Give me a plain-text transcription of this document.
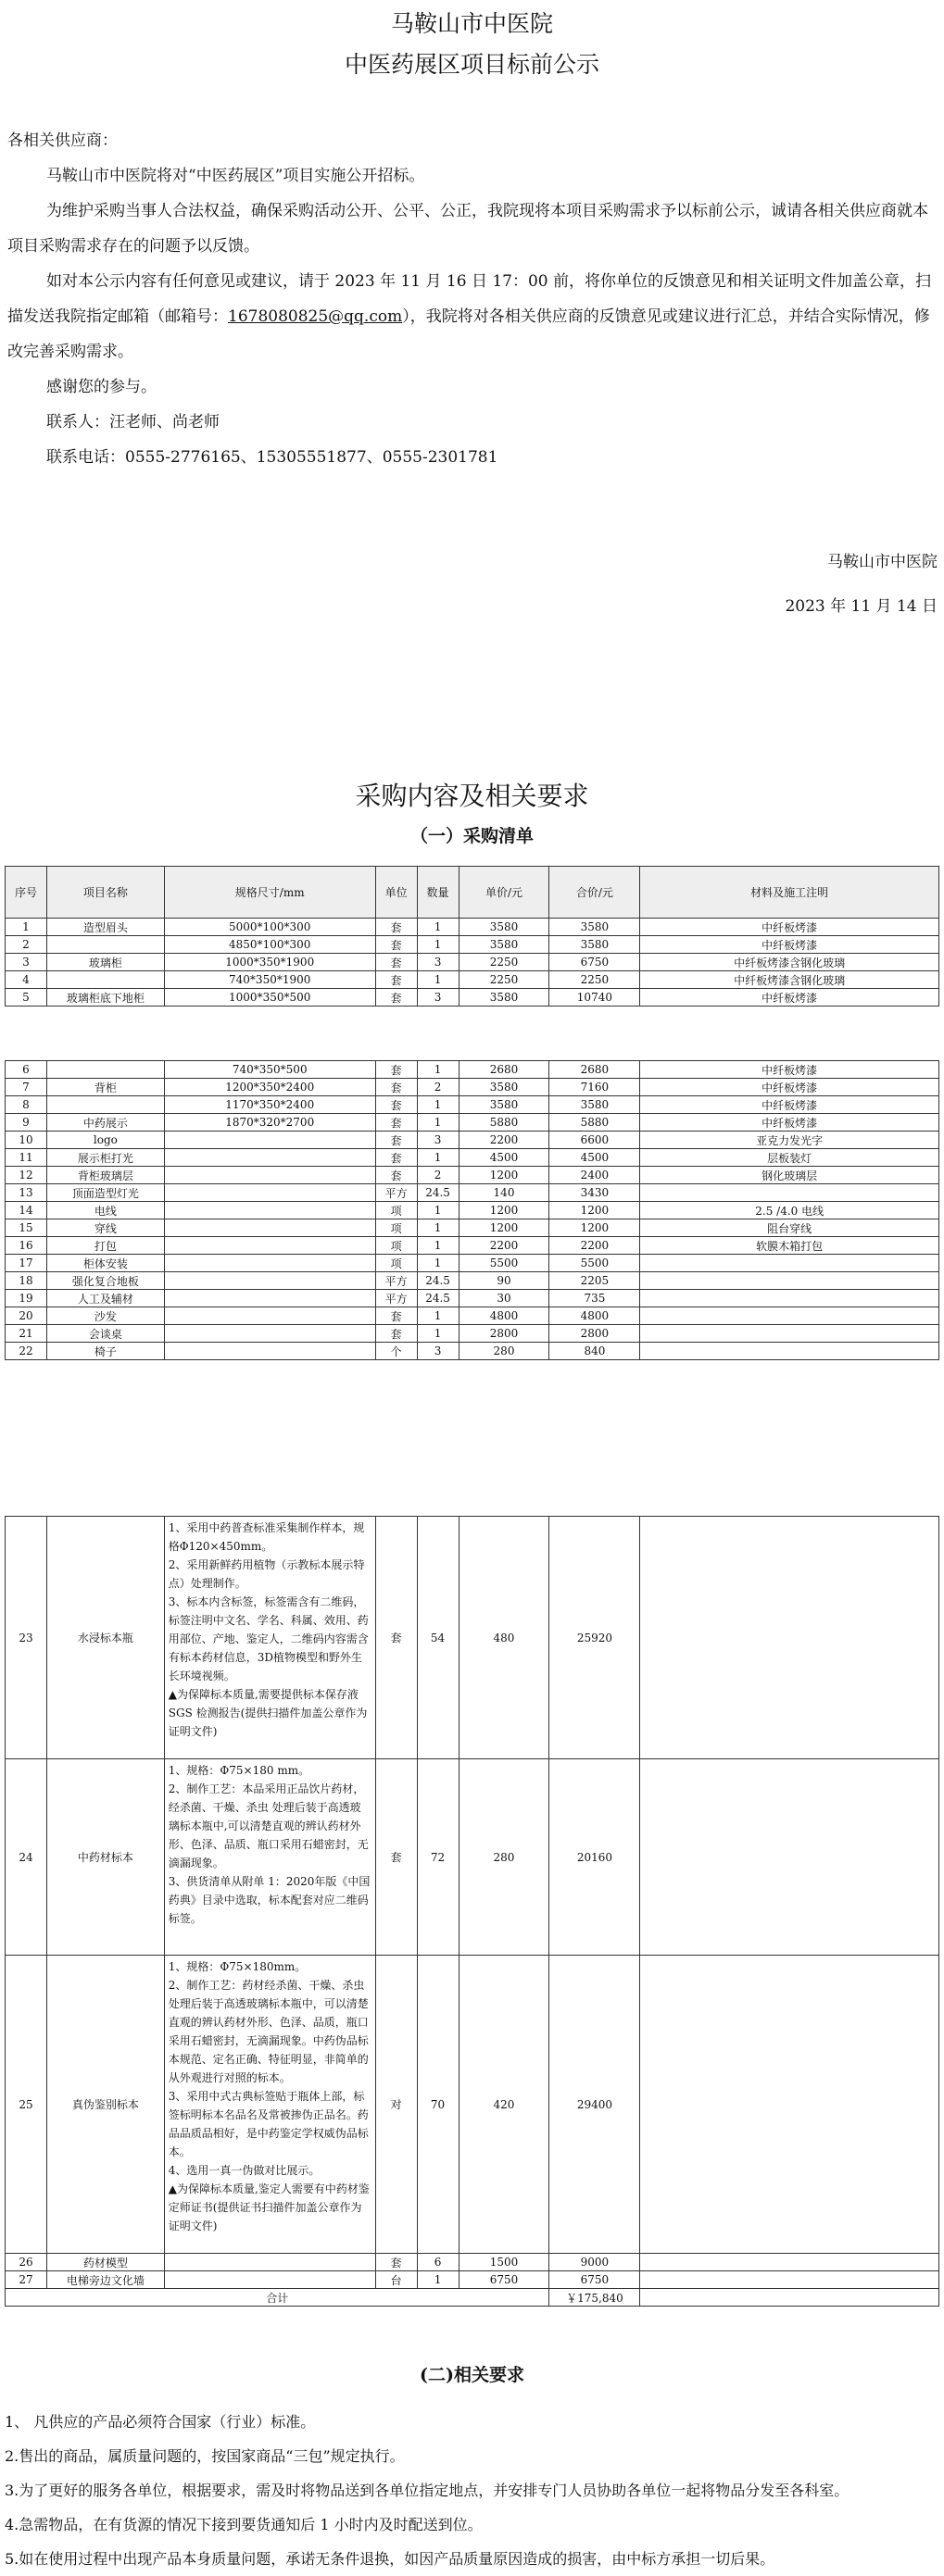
马鞍山市中医院
中医药展区项目标前公示

各相关供应商：

马鞍山市中医院将对“中医药展区”项目实施公开招标。

为维护采购当事人合法权益，确保采购活动公开、公平、公正，我院现将本项目采购需求予以标前公示，诚请各相关供应商就本项目采购需求存在的问题予以反馈。

如对本公示内容有任何意见或建议，请于 2023 年 11 月 16 日 17：00 前，将你单位的反馈意见和相关证明文件加盖公章，扫描发送我院指定邮箱（邮箱号：1678080825@qq.com），我院将对各相关供应商的反馈意见或建议进行汇总，并结合实际情况，修改完善采购需求。

感谢您的参与。

联系人：汪老师、尚老师

联系电话：0555-2776165、15305551877、0555-2301781

马鞍山市中医院
2023 年 11 月 14 日
采购内容及相关要求
（一）采购清单
序号	项目名称	规格尺寸/mm	单位	数量	单价/元	合价/元	材料及施工注明
1	造型眉头	5000*100*300	套	1	3580	3580	中纤板烤漆
2		4850*100*300	套	1	3580	3580	中纤板烤漆
3	玻璃柜	1000*350*1900	套	3	2250	6750	中纤板烤漆含钢化玻璃
4		740*350*1900	套	1	2250	2250	中纤板烤漆含钢化玻璃
5	玻璃柜底下地柜	1000*350*500	套	3	3580	10740	中纤板烤漆
6		740*350*500	套	1	2680	2680	中纤板烤漆
7	背柜	1200*350*2400	套	2	3580	7160	中纤板烤漆
8		1170*350*2400	套	1	3580	3580	中纤板烤漆
9	中药展示	1870*320*2700	套	1	5880	5880	中纤板烤漆
10	logo		套	3	2200	6600	亚克力发光字
11	展示柜打光		套	1	4500	4500	层板装灯
12	背柜玻璃层		套	2	1200	2400	钢化玻璃层
13	顶面造型灯光		平方	24.5	140	3430	
14	电线		项	1	1200	1200	2.5 /4.0 电线
15	穿线		项	1	1200	1200	阻台穿线
16	打包		项	1	2200	2200	软膜木箱打包
17	柜体安装		项	1	5500	5500	
18	强化复合地板		平方	24.5	90	2205	
19	人工及辅材		平方	24.5	30	735	
20	沙发		套	1	4800	4800	
21	会谈桌		套	1	2800	2800	
22	椅子		个	3	280	840	
23	水浸标本瓶	1、采用中药普查标准采集制作样本，规格Φ120×450mm。
2、采用新鲜药用植物（示教标本展示特点）处理制作。
3、标本内含标签，标签需含有二维码，标签注明中文名、学名、科属、效用、药用部位、产地、鉴定人，二维码内容需含有标本药材信息，3D植物模型和野外生长环境视频。
▲为保障标本质量,需要提供标本保存液 SGS 检测报告(提供扫描件加盖公章作为证明文件)	套	54	480	25920	
24	中药材标本	1、规格：Φ75×180 mm。
2、制作工艺：本品采用正品饮片药材，经杀菌、干燥、杀虫 处理后装于高透玻璃标本瓶中,可以清楚直观的辨认药材外形、色泽、品质、瓶口采用石蜡密封，无滴漏现象。
3、供货清单从附单 1：2020年版《中国药典》目录中选取，标本配套对应二维码标签。	套	72	280	20160	
25	真伪鉴别标本	1、规格：Φ75×180mm。
2、制作工艺：药材经杀菌、干燥、杀虫处理后装于高透玻璃标本瓶中，可以清楚直观的辨认药材外形、色泽、品质，瓶口采用石蜡密封，无滴漏现象。中药伪品标本规范、定名正确、特征明显，非简单的从外观进行对照的标本。
3、采用中式古典标签贴于瓶体上部，标签标明标本名品名及常被掺伪正品名。药品品质品相好，是中药鉴定学权威伪品标本。
4、选用一真一伪做对比展示。
▲为保障标本质量,鉴定人需要有中药材鉴定师证书(提供证书扫描件加盖公章作为证明文件)	对	70	420	29400	
26	药材模型		套	6	1500	9000	
27	电梯旁边文化墙		台	1	6750	6750	
合计						￥175,840	
(二)相关要求

1、 凡供应的产品必须符合国家（行业）标准。

2.售出的商品，属质量问题的，按国家商品“三包”规定执行。

3.为了更好的服务各单位，根据要求，需及时将物品送到各单位指定地点，并安排专门人员协助各单位一起将物品分发至各科室。

4.急需物品，在有货源的情况下接到要货通知后 1 小时内及时配送到位。

5.如在使用过程中出现产品本身质量问题，承诺无条件退换，如因产品质量原因造成的损害，由中标方承担一切后果。
